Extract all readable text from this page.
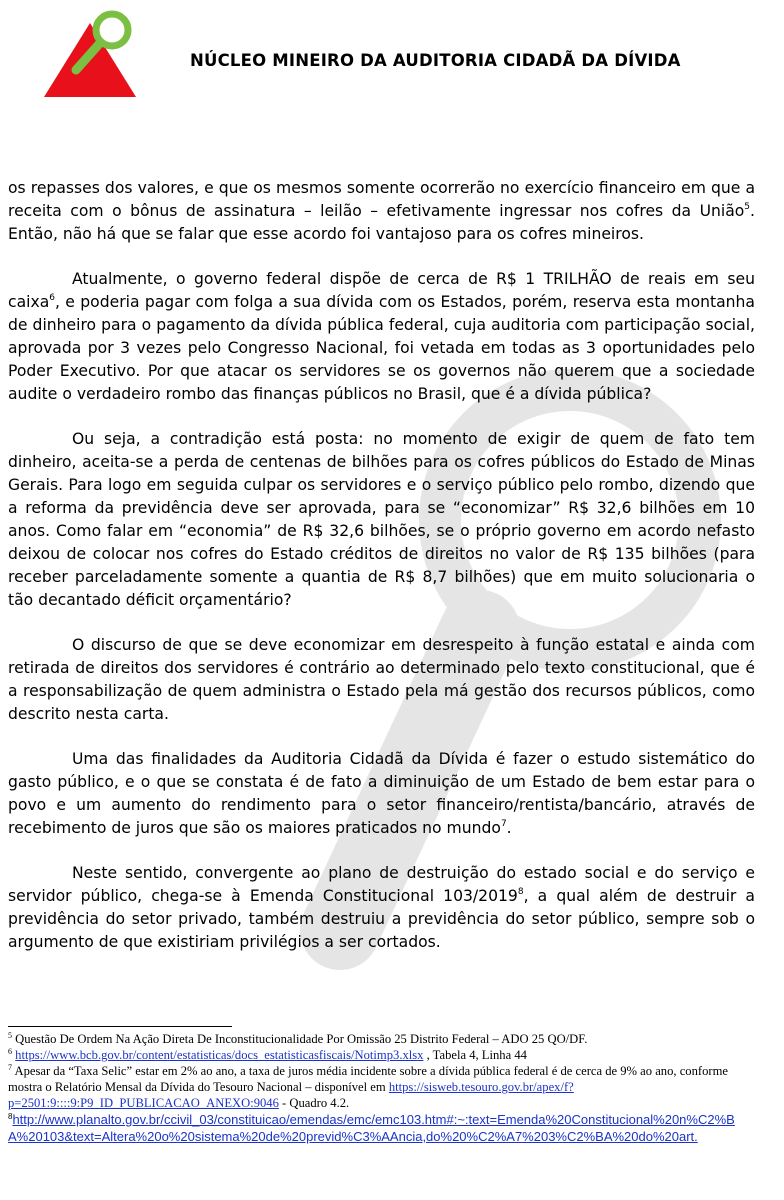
NÚCLEO MINEIRO DA AUDITORIA CIDADÃ DA DÍVIDA

os repasses dos valores, e que os mesmos somente ocorrerão no exercício financeiro em que a receita com o bônus de assinatura – leilão – efetivamente ingressar nos cofres da União$^5$. Então, não há que se falar que esse acordo foi vantajoso para os cofres mineiros.

Atualmente, o governo federal dispõe de cerca de R$ 1 TRILHÃO de reais em seu caixa$^6$, e poderia pagar com folga a sua dívida com os Estados, porém, reserva esta montanha de dinheiro para o pagamento da dívida pública federal, cuja auditoria com participação social, aprovada por 3 vezes pelo Congresso Nacional, foi vetada em todas as 3 oportunidades pelo Poder Executivo. Por que atacar os servidores se os governos não querem que a sociedade audite o verdadeiro rombo das finanças públicos no Brasil, que é a dívida pública?

Ou seja, a contradição está posta: no momento de exigir de quem de fato tem dinheiro, aceita-se a perda de centenas de bilhões para os cofres públicos do Estado de Minas Gerais. Para logo em seguida culpar os servidores e o serviço público pelo rombo, dizendo que a reforma da previdência deve ser aprovada, para se “economizar” R$ 32,6 bilhões em 10 anos. Como falar em “economia” de R$ 32,6 bilhões, se o próprio governo em acordo nefasto deixou de colocar nos cofres do Estado créditos de direitos no valor de R$ 135 bilhões (para receber parceladamente somente a quantia de R$ 8,7 bilhões) que em muito solucionaria o tão decantado déficit orçamentário?

O discurso de que se deve economizar em desrespeito à função estatal e ainda com retirada de direitos dos servidores é contrário ao determinado pelo texto constitucional, que é a responsabilização de quem administra o Estado pela má gestão dos recursos públicos, como descrito nesta carta.

Uma das finalidades da Auditoria Cidadã da Dívida é fazer o estudo sistemático do gasto público, e o que se constata é de fato a diminuição de um Estado de bem estar para o povo e um aumento do rendimento para o setor financeiro/rentista/bancário, através de recebimento de juros que são os maiores praticados no mundo$^7$.

Neste sentido, convergente ao plano de destruição do estado social e do serviço e servidor público, chega-se à Emenda Constitucional 103/2019$^8$, a qual além de destruir a previdência do setor privado, também destruiu a previdência do setor público, sempre sob o argumento de que existiriam privilégios a ser cortados.

$^5$ Questão De Ordem Na Ação Direta De Inconstitucionalidade Por Omissão 25 Distrito Federal – ADO 25 QO/DF.

$^6$ https://www.bcb.gov.br/content/estatisticas/docs_estatisticasfiscais/Notimp3.xlsx , Tabela 4, Linha 44

$^7$ Apesar da “Taxa Selic” estar em 2% ao ano, a taxa de juros média incidente sobre a dívida pública federal é de cerca de 9% ao ano, conforme mostra o Relatório Mensal da Dívida do Tesouro Nacional – disponível em https://sisweb.tesouro.gov.br/apex/f?p=2501:9::::9:P9_ID_PUBLICACAO_ANEXO:9046 - Quadro 4.2.

$^8$http://www.planalto.gov.br/ccivil_03/constituicao/emendas/emc/emc103.htm#:~:text=Emenda%20Constitucional%20n%C2%BA%20103&text=Altera%20o%20sistema%20de%20previd%C3%AAncia,do%20%C2%A7%203%C2%BA%20do%20art.
